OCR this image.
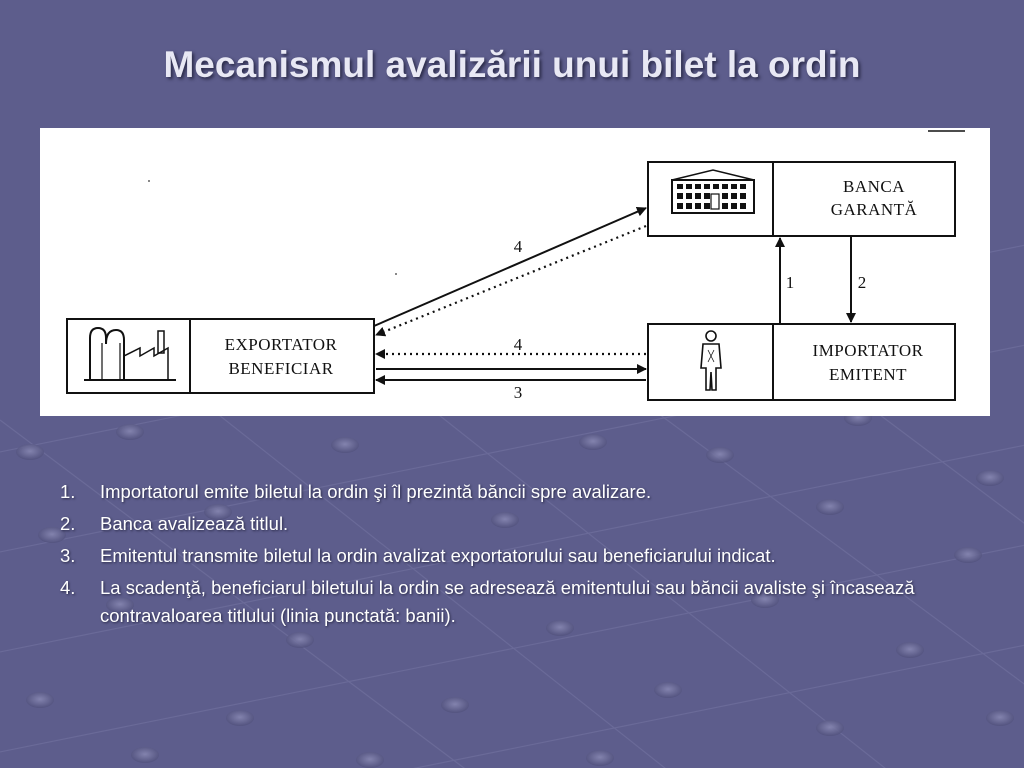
Mecanismul avalizării unui bilet la ordin
BANCA
GARANTĂ
EXPORTATOR
BENEFICIAR
IMPORTATOR
EMITENT
4
1	2
4
3
1. Importatorul emite biletul la ordin şi îl prezintă băncii spre avalizare.
2. Banca avalizează titlul.
3. Emitentul transmite biletul la ordin avalizat exportatorului sau beneficiarului indicat.
4. La scadenţă, beneficiarul biletului la ordin se adresează emitentului sau băncii avaliste şi încasează contravaloarea titlului (linia punctată: banii).
